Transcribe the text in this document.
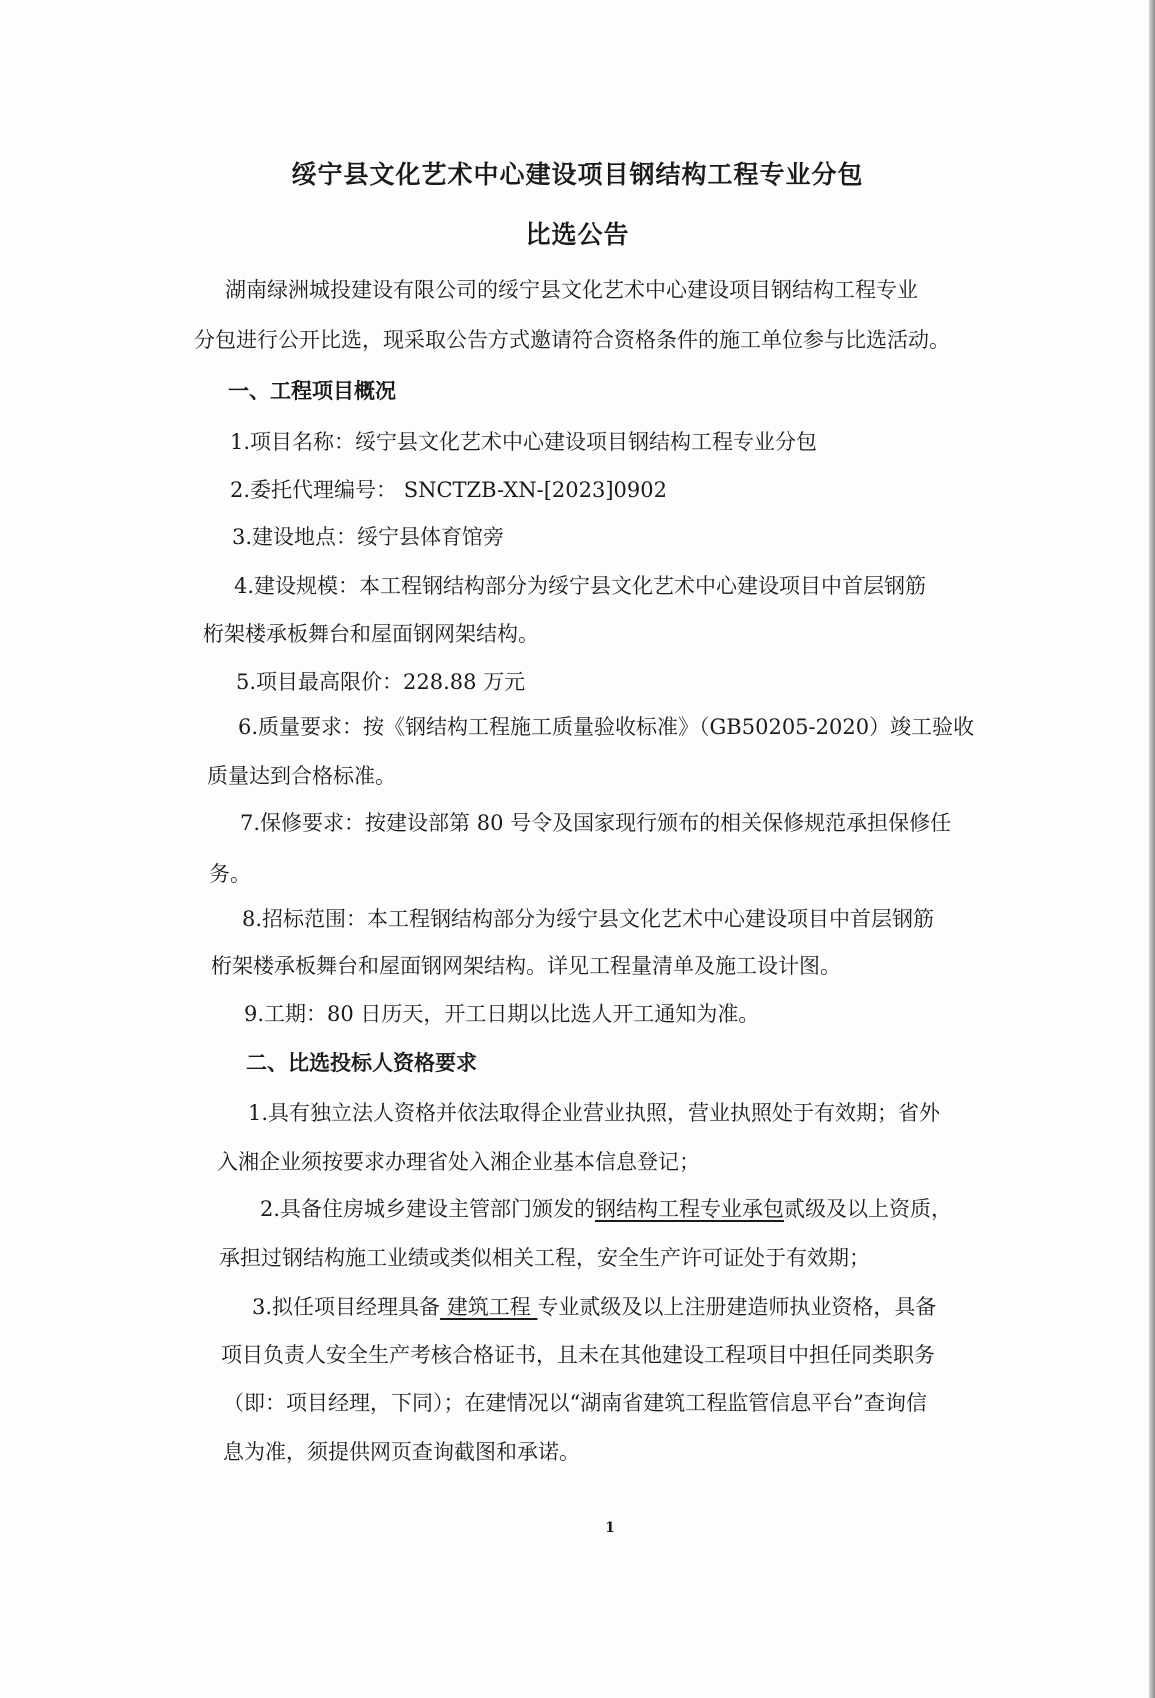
绥宁县文化艺术中心建设项目钢结构工程专业分包
比选公告

湖南绿洲城投建设有限公司的绥宁县文化艺术中心建设项目钢结构工程专业

分包进行公开比选，现采取公告方式邀请符合资格条件的施工单位参与比选活动。

一、工程项目概况

1.项目名称：绥宁县文化艺术中心建设项目钢结构工程专业分包

2.委托代理编号： SNCTZB-XN-[2023]0902

3.建设地点：绥宁县体育馆旁

4.建设规模：本工程钢结构部分为绥宁县文化艺术中心建设项目中首层钢筋

桁架楼承板舞台和屋面钢网架结构。

5.项目最高限价：228.88 万元

6.质量要求：按《钢结构工程施工质量验收标准》（GB50205-2020）竣工验收

质量达到合格标准。

7.保修要求：按建设部第 80 号令及国家现行颁布的相关保修规范承担保修任

务。

8.招标范围：本工程钢结构部分为绥宁县文化艺术中心建设项目中首层钢筋

桁架楼承板舞台和屋面钢网架结构。详见工程量清单及施工设计图。

9.工期：80 日历天，开工日期以比选人开工通知为准。

二、比选投标人资格要求

1.具有独立法人资格并依法取得企业营业执照，营业执照处于有效期；省外

入湘企业须按要求办理省处入湘企业基本信息登记；

2.具备住房城乡建设主管部门颁发的钢结构工程专业承包贰级及以上资质，

承担过钢结构施工业绩或类似相关工程，安全生产许可证处于有效期；

3.拟任项目经理具备 建筑工程 专业贰级及以上注册建造师执业资格，具备

项目负责人安全生产考核合格证书，且未在其他建设工程项目中担任同类职务

（即：项目经理，下同）；在建情况以“湖南省建筑工程监管信息平台”查询信

息为准，须提供网页查询截图和承诺。

1
